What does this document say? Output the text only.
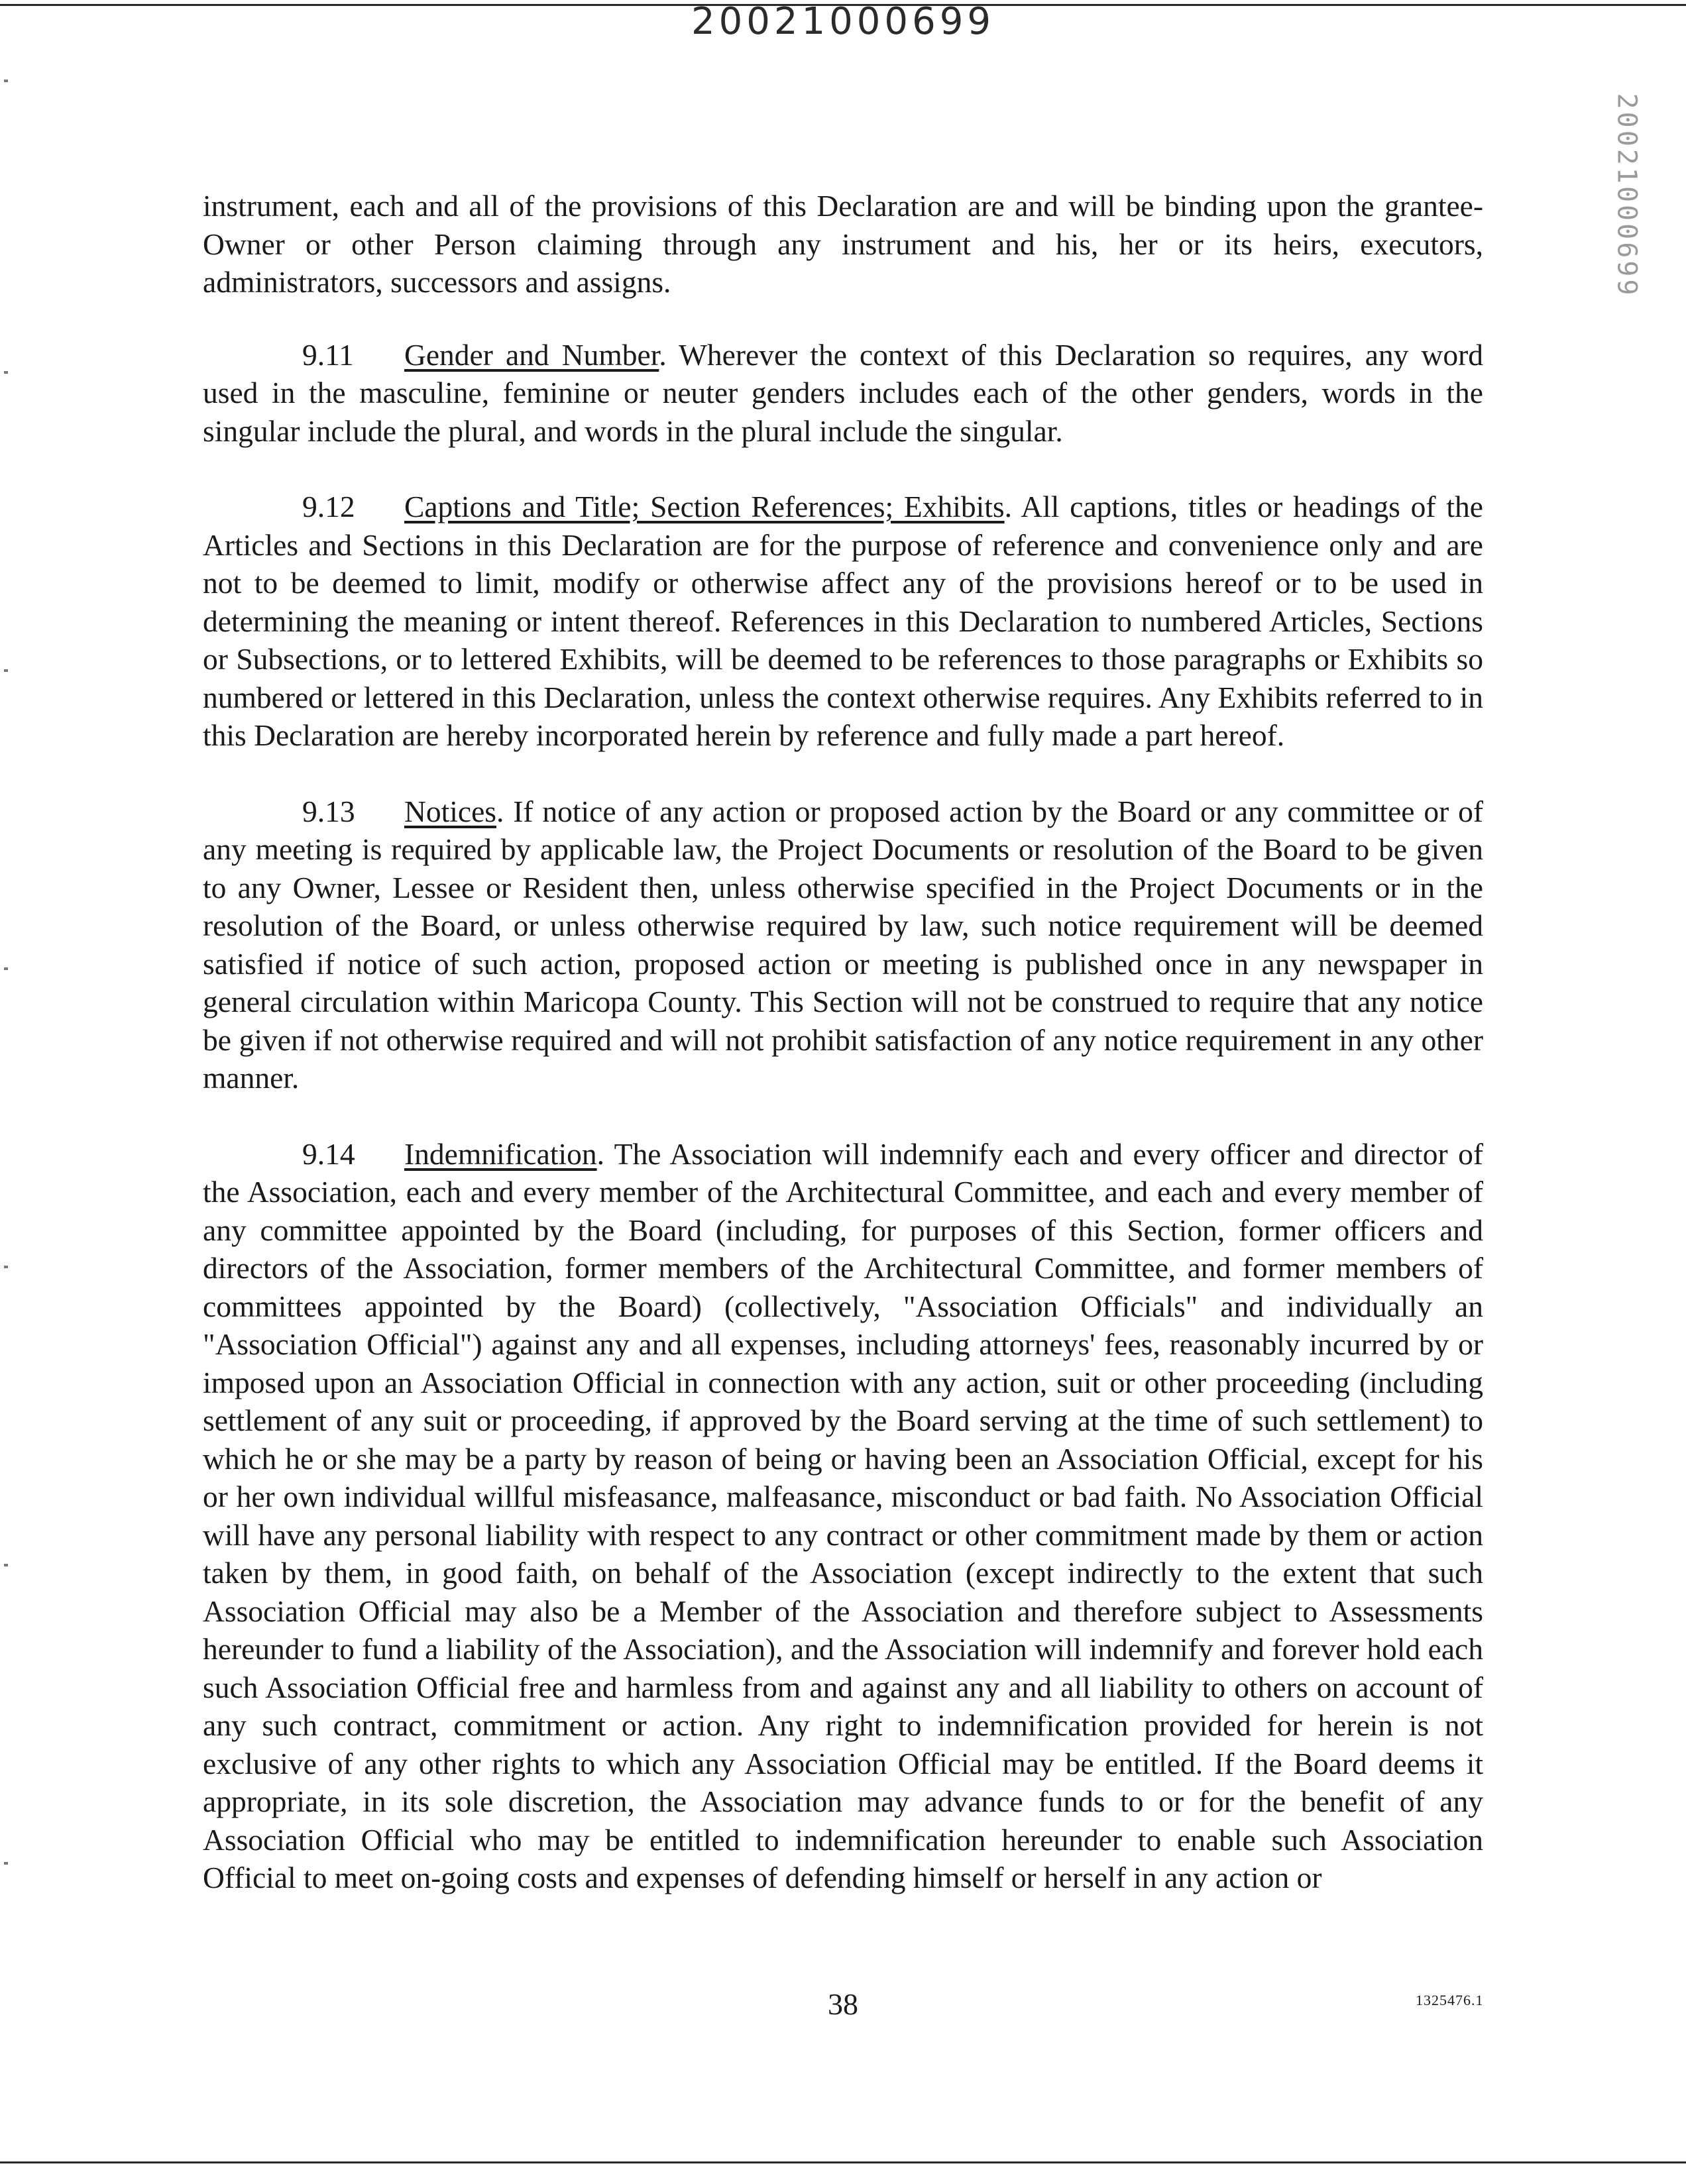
20021000699
20021000699

instrument, each and all of the provisions of this Declaration are and will be binding upon the grantee-Owner or other Person claiming through any instrument and his, her or its heirs, executors, administrators, successors and assigns.

9.11 Gender and Number. Wherever the context of this Declaration so requires, any word used in the masculine, feminine or neuter genders includes each of the other genders, words in the singular include the plural, and words in the plural include the singular.

9.12 Captions and Title; Section References; Exhibits. All captions, titles or headings of the Articles and Sections in this Declaration are for the purpose of reference and convenience only and are not to be deemed to limit, modify or otherwise affect any of the provisions hereof or to be used in determining the meaning or intent thereof. References in this Declaration to numbered Articles, Sections or Subsections, or to lettered Exhibits, will be deemed to be references to those paragraphs or Exhibits so numbered or lettered in this Declaration, unless the context otherwise requires. Any Exhibits referred to in this Declaration are hereby incorporated herein by reference and fully made a part hereof.

9.13 Notices. If notice of any action or proposed action by the Board or any committee or of any meeting is required by applicable law, the Project Documents or resolution of the Board to be given to any Owner, Lessee or Resident then, unless otherwise specified in the Project Documents or in the resolution of the Board, or unless otherwise required by law, such notice requirement will be deemed satisfied if notice of such action, proposed action or meeting is published once in any newspaper in general circulation within Maricopa County. This Section will not be construed to require that any notice be given if not otherwise required and will not prohibit satisfaction of any notice requirement in any other manner.

9.14 Indemnification. The Association will indemnify each and every officer and director of the Association, each and every member of the Architectural Committee, and each and every member of any committee appointed by the Board (including, for purposes of this Section, former officers and directors of the Association, former members of the Architectural Committee, and former members of committees appointed by the Board) (collectively, "Association Officials" and individually an "Association Official") against any and all expenses, including attorneys' fees, reasonably incurred by or imposed upon an Association Official in connection with any action, suit or other proceeding (including settlement of any suit or proceeding, if approved by the Board serving at the time of such settlement) to which he or she may be a party by reason of being or having been an Association Official, except for his or her own individual willful misfeasance, malfeasance, misconduct or bad faith. No Association Official will have any personal liability with respect to any contract or other commitment made by them or action taken by them, in good faith, on behalf of the Association (except indirectly to the extent that such Association Official may also be a Member of the Association and therefore subject to Assessments hereunder to fund a liability of the Association), and the Association will indemnify and forever hold each such Association Official free and harmless from and against any and all liability to others on account of any such contract, commitment or action. Any right to indemnification provided for herein is not exclusive of any other rights to which any Association Official may be entitled. If the Board deems it appropriate, in its sole discretion, the Association may advance funds to or for the benefit of any Association Official who may be entitled to indemnification hereunder to enable such Association Official to meet on-going costs and expenses of defending himself or herself in any action or

38	1325476.1
